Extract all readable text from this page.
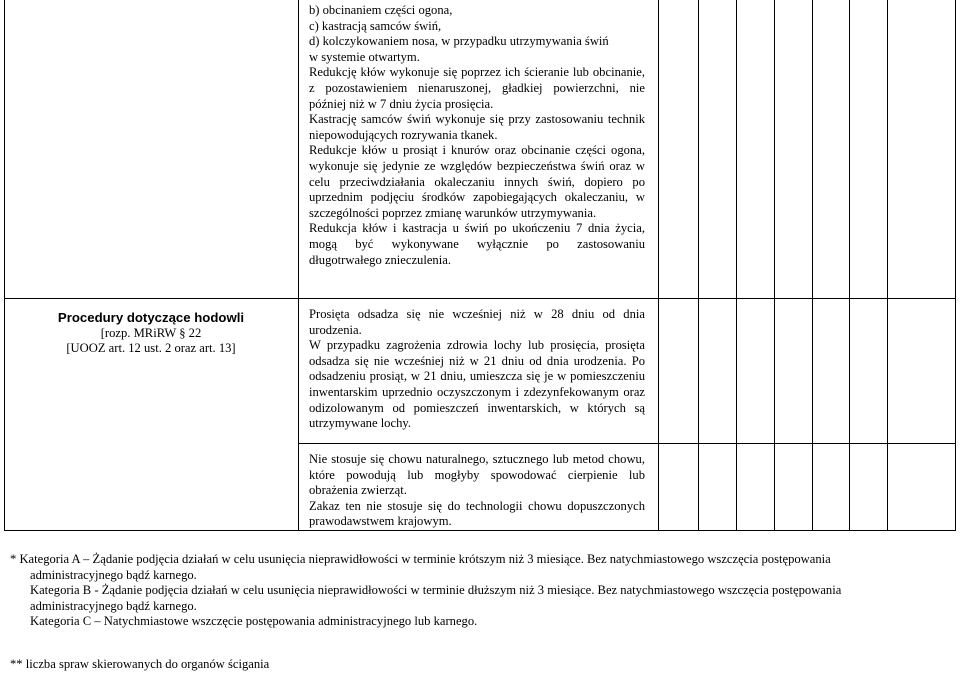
b) obcinaniem części ogona,

c) kastracją samców świń,

d) kolczykowaniem nosa, w przypadku utrzymywania świń

w systemie otwartym.

Redukcję kłów wykonuje się poprzez ich ścieranie lub obcinanie, z pozostawieniem nienaruszonej, gładkiej powierzchni, nie później niż w 7 dniu życia prosięcia.

Kastrację samców świń wykonuje się przy zastosowaniu technik niepowodujących rozrywania tkanek.

Redukcje kłów u prosiąt i knurów oraz obcinanie części ogona, wykonuje się jedynie ze względów bezpieczeństwa świń oraz w celu przeciwdziałania okaleczaniu innych świń, dopiero po uprzednim podjęciu środków zapobiegających okaleczaniu, w szczególności poprzez zmianę warunków utrzymywania.

Redukcja kłów i kastracja u świń po ukończeniu 7 dnia życia, mogą być wykonywane wyłącznie po zastosowaniu długotrwałego znieczulenia.

Procedury dotyczące hodowli
[rozp. MRiRW § 22
[UOOZ art. 12 ust. 2 oraz art. 13]

Prosięta odsadza się nie wcześniej niż w 28 dniu od dnia urodzenia.

W przypadku zagrożenia zdrowia lochy lub prosięcia, prosięta odsadza się nie wcześniej niż w 21 dniu od dnia urodzenia. Po odsadzeniu prosiąt, w 21 dniu, umieszcza się je w pomieszczeniu inwentarskim uprzednio oczyszczonym i zdezynfekowanym oraz odizolowanym od pomieszczeń inwentarskich, w których są utrzymywane lochy.

Nie stosuje się chowu naturalnego, sztucznego lub metod chowu, które powodują lub mogłyby spowodować cierpienie lub obrażenia zwierząt.

Zakaz ten nie stosuje się do technologii chowu dopuszczonych prawodawstwem krajowym.

* Kategoria A – Żądanie podjęcia działań w celu usunięcia nieprawidłowości w terminie krótszym niż 3 miesiące. Bez natychmiastowego wszczęcia postępowania

administracyjnego bądź karnego.

Kategoria B - Żądanie podjęcia działań w celu usunięcia nieprawidłowości w terminie dłuższym niż 3 miesiące. Bez natychmiastowego wszczęcia postępowania

administracyjnego bądź karnego.

Kategoria C – Natychmiastowe wszczęcie postępowania administracyjnego lub karnego.

** liczba spraw skierowanych do organów ścigania
